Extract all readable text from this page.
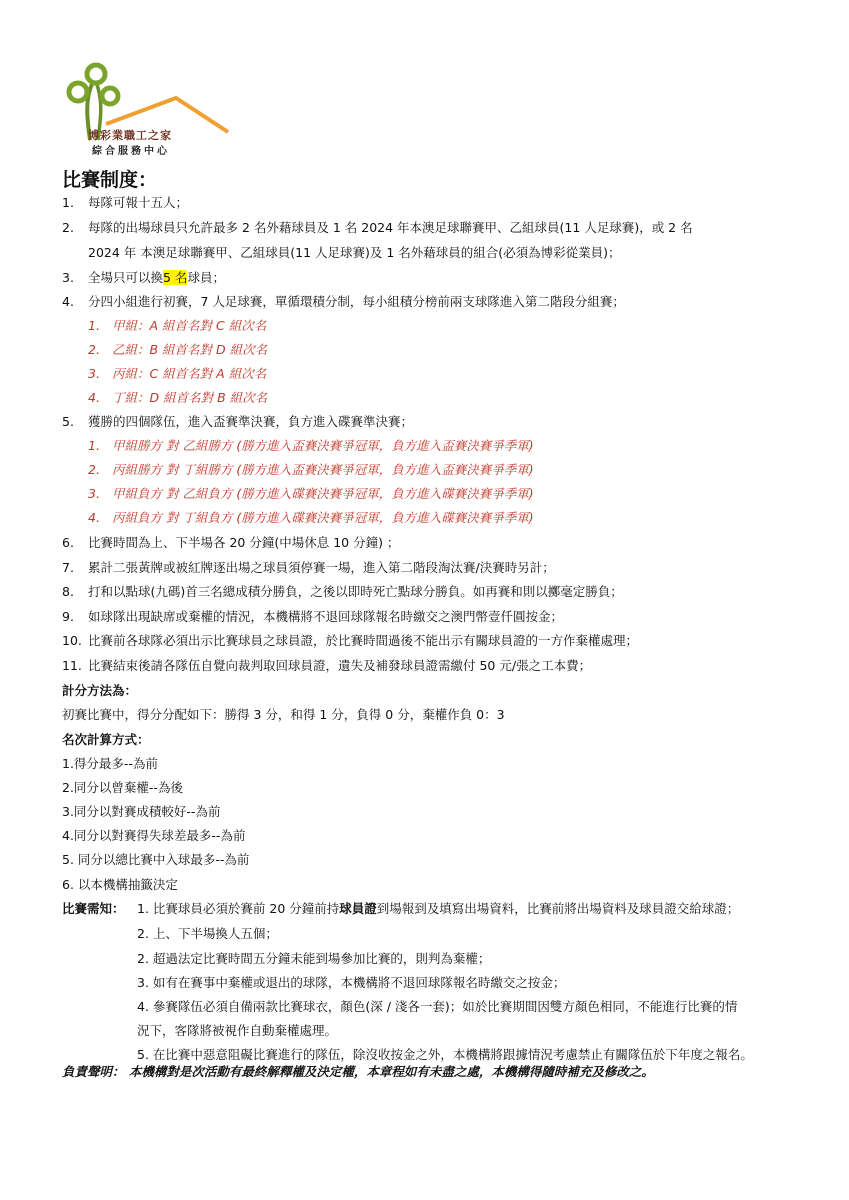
博彩業職工之家
綜合服務中心
比賽制度：
1. 每隊可報十五人；
2. 每隊的出場球員只允許最多 2 名外藉球員及 1 名 2024 年本澳足球聯賽甲、乙組球員(11 人足球賽)，或 2 名
2024 年 本澳足球聯賽甲、乙組球員(11 人足球賽)及 1 名外藉球員的組合(必須為博彩從業員)；
3. 全場只可以換5 名球員；
4. 分四小組進行初賽，7 人足球賽，單循環積分制，每小組積分榜前兩支球隊進入第二階段分組賽；
1. 甲組：A 組首名對 C 組次名
2. 乙組：B 組首名對 D 組次名
3. 丙組：C 組首名對 A 組次名
4. 丁組：D 組首名對 B 組次名
5. 獲勝的四個隊伍，進入盃賽準決賽，負方進入碟賽準決賽；
1. 甲組勝方 對 乙組勝方 (勝方進入盃賽決賽爭冠軍，負方進入盃賽決賽爭季軍)
2. 丙組勝方 對 丁組勝方 (勝方進入盃賽決賽爭冠軍，負方進入盃賽決賽爭季軍)
3. 甲組負方 對 乙組負方 (勝方進入碟賽決賽爭冠軍，負方進入碟賽決賽爭季軍)
4. 丙組負方 對 丁組負方 (勝方進入碟賽決賽爭冠軍，負方進入碟賽決賽爭季軍)
6. 比賽時間為上、下半場各 20 分鐘(中場休息 10 分鐘) ；
7. 累計二張黃牌或被紅牌逐出場之球員須停賽一場，進入第二階段淘汰賽/決賽時另計；
8. 打和以點球(九碼)首三名總成積分勝負，之後以即時死亡點球分勝負。如再賽和則以擲毫定勝負；
9. 如球隊出現缺席或棄權的情況，本機構將不退回球隊報名時繳交之澳門幣壹仟圓按金；
10. 比賽前各球隊必須出示比賽球員之球員證，於比賽時間過後不能出示有關球員證的一方作棄權處理；
11. 比賽結束後請各隊伍自覺向裁判取回球員證，遺失及補發球員證需繳付 50 元/張之工本費；
計分方法為：
初賽比賽中，得分分配如下：勝得 3 分，和得 1 分，負得 0 分，棄權作負 0：3
名次計算方式：
1.得分最多--為前
2.同分以曾棄權--為後
3.同分以對賽成積較好--為前
4.同分以對賽得失球差最多--為前
5. 同分以總比賽中入球最多--為前
6. 以本機構抽籤決定
比賽需知： 1. 比賽球員必須於賽前 20 分鐘前持球員證到場報到及填寫出場資料，比賽前將出場資料及球員證交給球證；
2. 上、下半場換人五個；
2. 超過法定比賽時間五分鐘未能到場參加比賽的，則判為棄權；
3. 如有在賽事中棄權或退出的球隊，本機構將不退回球隊報名時繳交之按金；
4. 參賽隊伍必須自備兩款比賽球衣，顏色(深 / 淺各一套)；如於比賽期間因雙方顏色相同，不能進行比賽的情
況下，客隊將被視作自動棄權處理。
5. 在比賽中惡意阻礙比賽進行的隊伍，除沒收按金之外，本機構將跟據情況考慮禁止有關隊伍於下年度之報名。
負責聲明： 本機構對是次活動有最終解釋權及決定權，本章程如有未盡之處，本機構得隨時補充及修改之。
